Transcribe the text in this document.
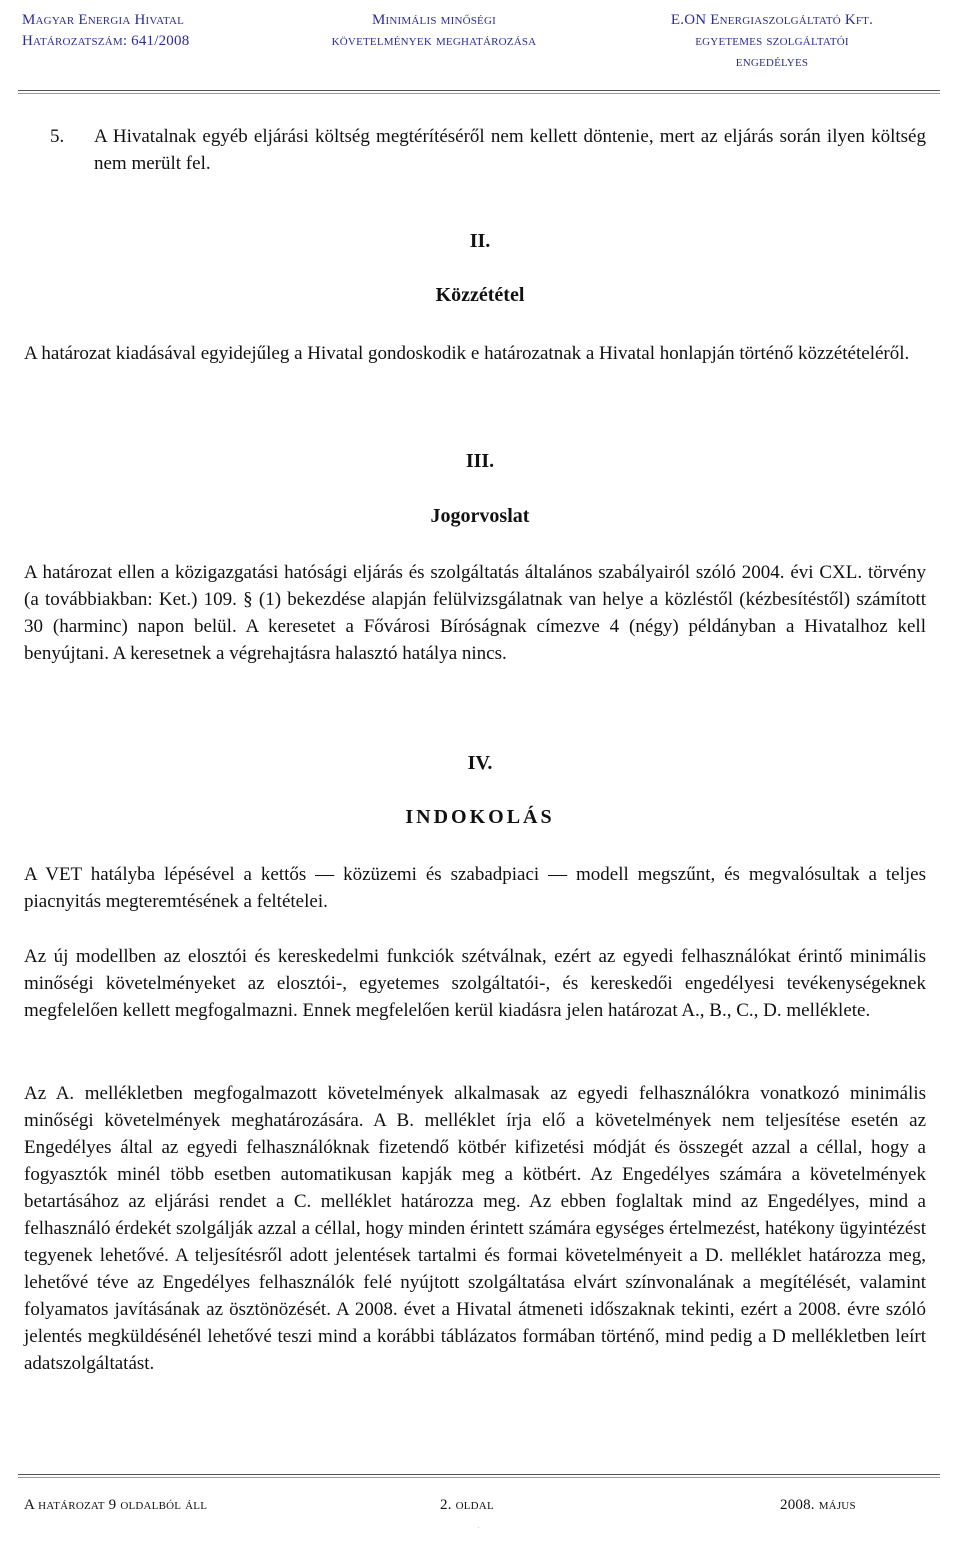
Magyar Energia Hivatal
Határozatszám: 641/2008
Minimális minőségi
követelmények meghatározása
E.ON Energiaszolgáltató Kft.
egyetemes szolgáltatói
engedélyes
5.	A Hivatalnak egyéb eljárási költség megtérítéséről nem kellett döntenie, mert az eljárás során ilyen költség nem merült fel.
II.
Közzététel
A határozat kiadásával egyidejűleg a Hivatal gondoskodik e határozatnak a Hivatal honlapján történő közzétételéről.
III.
Jogorvoslat
A határozat ellen a közigazgatási hatósági eljárás és szolgáltatás általános szabályairól szóló 2004. évi CXL. törvény (a továbbiakban: Ket.) 109. § (1) bekezdése alapján felülvizsgálatnak van helye a közléstől (kézbesítéstől) számított 30 (harminc) napon belül. A keresetet a Fővárosi Bíróságnak címezve 4 (négy) példányban a Hivatalhoz kell benyújtani. A keresetnek a végrehajtásra halasztó hatálya nincs.
IV.
INDOKOLÁS
A VET hatályba lépésével a kettős — közüzemi és szabadpiaci — modell megszűnt, és megvalósultak a teljes piacnyitás megteremtésének a feltételei.
Az új modellben az elosztói és kereskedelmi funkciók szétválnak, ezért az egyedi felhasználókat érintő minimális minőségi követelményeket az elosztói-, egyetemes szolgáltatói-, és kereskedői engedélyesi tevékenységeknek megfelelően kellett megfogalmazni. Ennek megfelelően kerül kiadásra jelen határozat A., B., C., D. melléklete.
Az A. mellékletben megfogalmazott követelmények alkalmasak az egyedi felhasználókra vonatkozó minimális minőségi követelmények meghatározására. A B. melléklet írja elő a követelmények nem teljesítése esetén az Engedélyes által az egyedi felhasználóknak fizetendő kötbér kifizetési módját és összegét azzal a céllal, hogy a fogyasztók minél több esetben automatikusan kapják meg a kötbért. Az Engedélyes számára a követelmények betartásához az eljárási rendet a C. melléklet határozza meg. Az ebben foglaltak mind az Engedélyes, mind a felhasználó érdekét szolgálják azzal a céllal, hogy minden érintett számára egységes értelmezést, hatékony ügyintézést tegyenek lehetővé. A teljesítésről adott jelentések tartalmi és formai követelményeit a D. melléklet határozza meg, lehetővé téve az Engedélyes felhasználók felé nyújtott szolgáltatása elvárt színvonalának a megítélését, valamint folyamatos javításának az ösztönözését. A 2008. évet a Hivatal átmeneti időszaknak tekinti, ezért a 2008. évre szóló jelentés megküldésénél lehetővé teszi mind a korábbi táblázatos formában történő, mind pedig a D mellékletben leírt adatszolgáltatást.
A határozat 9 oldalból áll	2. oldal	2008. május
.
